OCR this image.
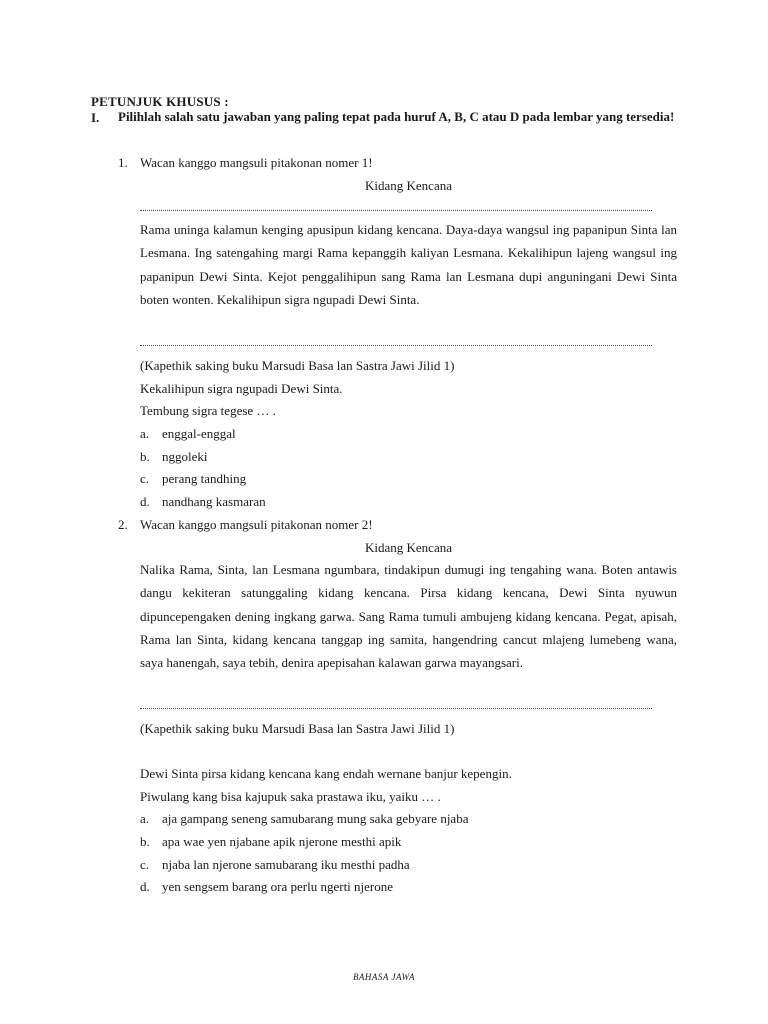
PETUNJUK KHUSUS :
I. Pilihlah salah satu jawaban yang paling tepat pada huruf A, B, C atau D pada lembar yang tersedia!
1. Wacan kanggo mangsuli pitakonan nomer 1!
Kidang Kencana
Rama uninga kalamun kenging apusipun kidang kencana. Daya-daya wangsul ing papanipun Sinta lan Lesmana. Ing satengahing margi Rama kepanggih kaliyan Lesmana. Kekalihipun lajeng wangsul ing papanipun Dewi Sinta. Kejot penggalihipun sang Rama lan Lesmana dupi anguningani Dewi Sinta boten wonten. Kekalihipun sigra ngupadi Dewi Sinta.
(Kapethik saking buku Marsudi Basa lan Sastra Jawi Jilid 1)
Kekalihipun sigra ngupadi Dewi Sinta.
Tembung sigra tegese … .
a. enggal-enggal
b. nggoleki
c. perang tandhing
d. nandhang kasmaran
2. Wacan kanggo mangsuli pitakonan nomer 2!
Kidang Kencana
Nalika Rama, Sinta, lan Lesmana ngumbara, tindakipun dumugi ing tengahing wana. Boten antawis dangu kekiteran satunggaling kidang kencana. Pirsa kidang kencana, Dewi Sinta nyuwun dipuncepengaken dening ingkang garwa. Sang Rama tumuli ambujeng kidang kencana. Pegat, apisah, Rama lan Sinta, kidang kencana tanggap ing samita, hangendring cancut mlajeng lumebeng wana, saya hanengah, saya tebih, denira apepisahan kalawan garwa mayangsari.
(Kapethik saking buku Marsudi Basa lan Sastra Jawi Jilid 1)
Dewi Sinta pirsa kidang kencana kang endah wernane banjur kepengin.
Piwulang kang bisa kajupuk saka prastawa iku, yaiku … .
a. aja gampang seneng samubarang mung saka gebyare njaba
b. apa wae yen njabane apik njerone mesthi apik
c. njaba lan njerone samubarang iku mesthi padha
d. yen sengsem barang ora perlu ngerti njerone
BAHASA JAWA
